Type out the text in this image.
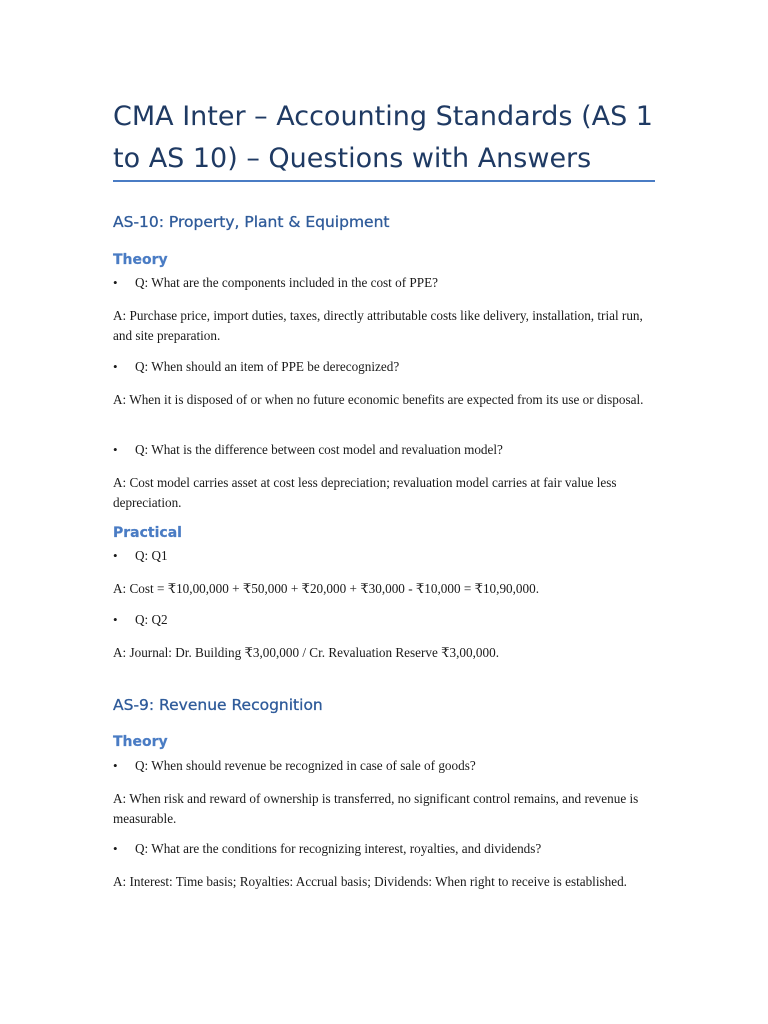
CMA Inter – Accounting Standards (AS 1 to AS 10) – Questions with Answers
AS-10: Property, Plant & Equipment
Theory
• Q: What are the components included in the cost of PPE?
A: Purchase price, import duties, taxes, directly attributable costs like delivery, installation, trial run, and site preparation.
• Q: When should an item of PPE be derecognized?
A: When it is disposed of or when no future economic benefits are expected from its use or disposal.
• Q: What is the difference between cost model and revaluation model?
A: Cost model carries asset at cost less depreciation; revaluation model carries at fair value less depreciation.
Practical
• Q: Q1
A: Cost = ₹10,00,000 + ₹50,000 + ₹20,000 + ₹30,000 - ₹10,000 = ₹10,90,000.
• Q: Q2
A: Journal: Dr. Building ₹3,00,000 / Cr. Revaluation Reserve ₹3,00,000.
AS-9: Revenue Recognition
Theory
• Q: When should revenue be recognized in case of sale of goods?
A: When risk and reward of ownership is transferred, no significant control remains, and revenue is measurable.
• Q: What are the conditions for recognizing interest, royalties, and dividends?
A: Interest: Time basis; Royalties: Accrual basis; Dividends: When right to receive is established.
